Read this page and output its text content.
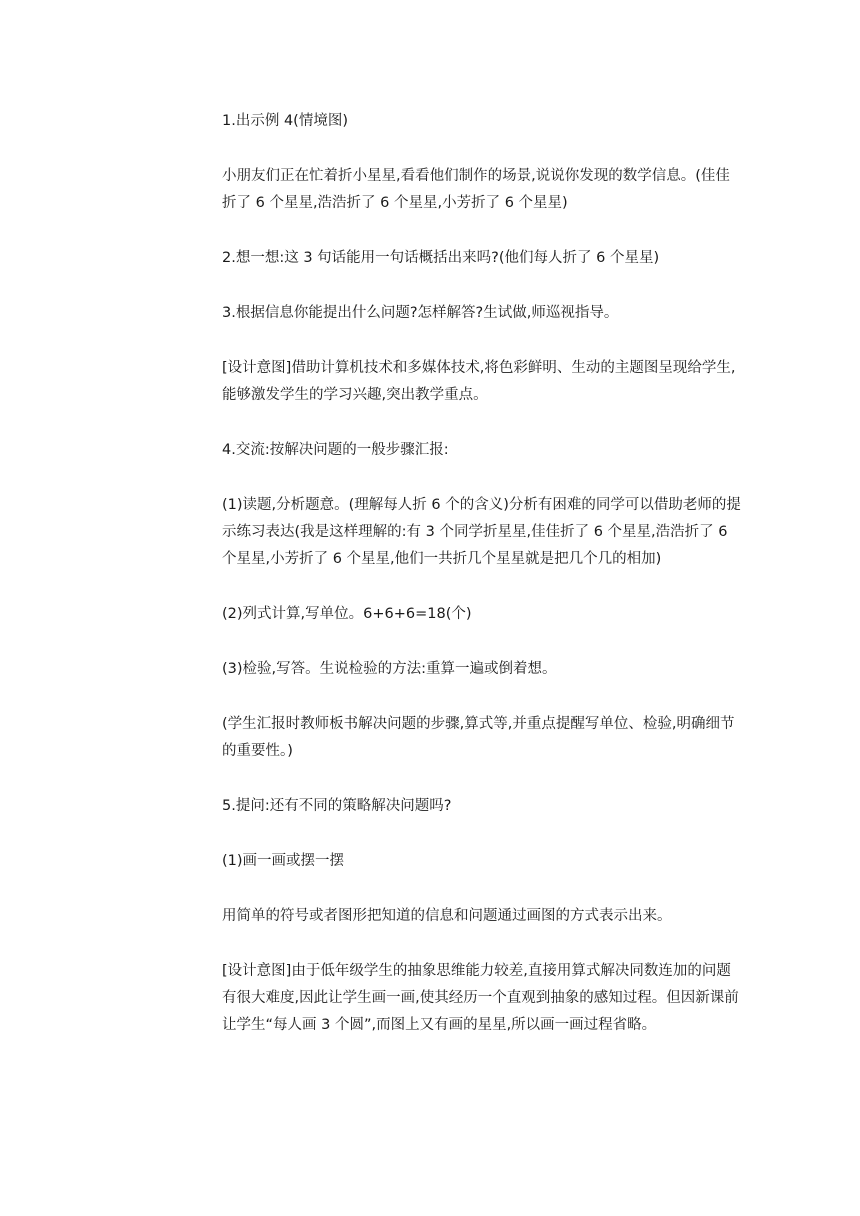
1.出示例 4(情境图)

小朋友们正在忙着折小星星,看看他们制作的场景,说说你发现的数学信息。(佳佳折了 6 个星星,浩浩折了 6 个星星,小芳折了 6 个星星)

2.想一想:这 3 句话能用一句话概括出来吗?(他们每人折了 6 个星星)

3.根据信息你能提出什么问题?怎样解答?生试做,师巡视指导。

[设计意图]借助计算机技术和多媒体技术,将色彩鲜明、生动的主题图呈现给学生,能够激发学生的学习兴趣,突出教学重点。

4.交流:按解决问题的一般步骤汇报:

(1)读题,分析题意。(理解每人折 6 个的含义)分析有困难的同学可以借助老师的提示练习表达(我是这样理解的:有 3 个同学折星星,佳佳折了 6 个星星,浩浩折了 6 个星星,小芳折了 6 个星星,他们一共折几个星星就是把几个几的相加)

(2)列式计算,写单位。6+6+6=18(个)

(3)检验,写答。生说检验的方法:重算一遍或倒着想。

(学生汇报时教师板书解决问题的步骤,算式等,并重点提醒写单位、检验,明确细节的重要性。)

5.提问:还有不同的策略解决问题吗?

(1)画一画或摆一摆

用简单的符号或者图形把知道的信息和问题通过画图的方式表示出来。

[设计意图]由于低年级学生的抽象思维能力较差,直接用算式解决同数连加的问题有很大难度,因此让学生画一画,使其经历一个直观到抽象的感知过程。但因新课前让学生“每人画 3 个圆”,而图上又有画的星星,所以画一画过程省略。
